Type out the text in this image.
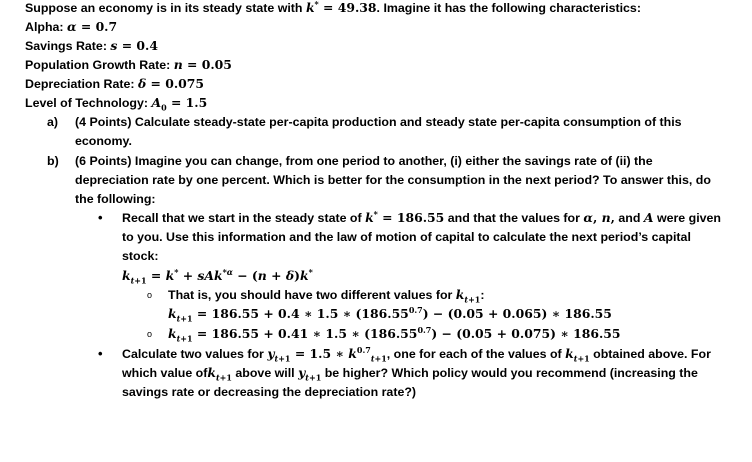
Suppose an economy is in its steady state with k* = 49.38. Imagine it has the following characteristics:
Alpha: α = 0.7
Savings Rate: s = 0.4
Population Growth Rate: n = 0.05
Depreciation Rate: δ = 0.075
Level of Technology: $A_0 = 1.5$
a) (4 Points) Calculate steady-state per-capita production and steady state per-capita consumption of this
economy.
b) (6 Points) Imagine you can change, from one period to another, (i) either the savings rate of (ii) the
depreciation rate by one percent. Which is better for the consumption in the next period? To answer this, do
the following:
• Recall that we start in the steady state of k* = 186.55 and that the values for α, n, and A were given
to you. Use this information and the law of motion of capital to calculate the next period’s capital
stock:
$k_{t+1} = k^* + sAk^{*\alpha} - (n + \delta)k^*$
o That is, you should have two different values for $k_{t+1}$:
$k_{t+1} = 186.55 + 0.4$ ∗ 1.5 ∗ $(186.55^{0.7}) - (0.05 + 0.065)$ ∗ 186.55
o $k_{t+1} = 186.55 + 0.41$ ∗ 1.5 ∗ $(186.55^{0.7}) - (0.05 + 0.075)$ ∗ 186.55
• Calculate two values for $y_{t+1} = 1.5$ ∗ $k^{0.7}_{t+1}$, one for each of the values of $k_{t+1}$ obtained above. For
which value ofk$_{t+1}$ above will $y_{t+1}$ be higher? Which policy would you recommend (increasing the
savings rate or decreasing the depreciation rate?)
